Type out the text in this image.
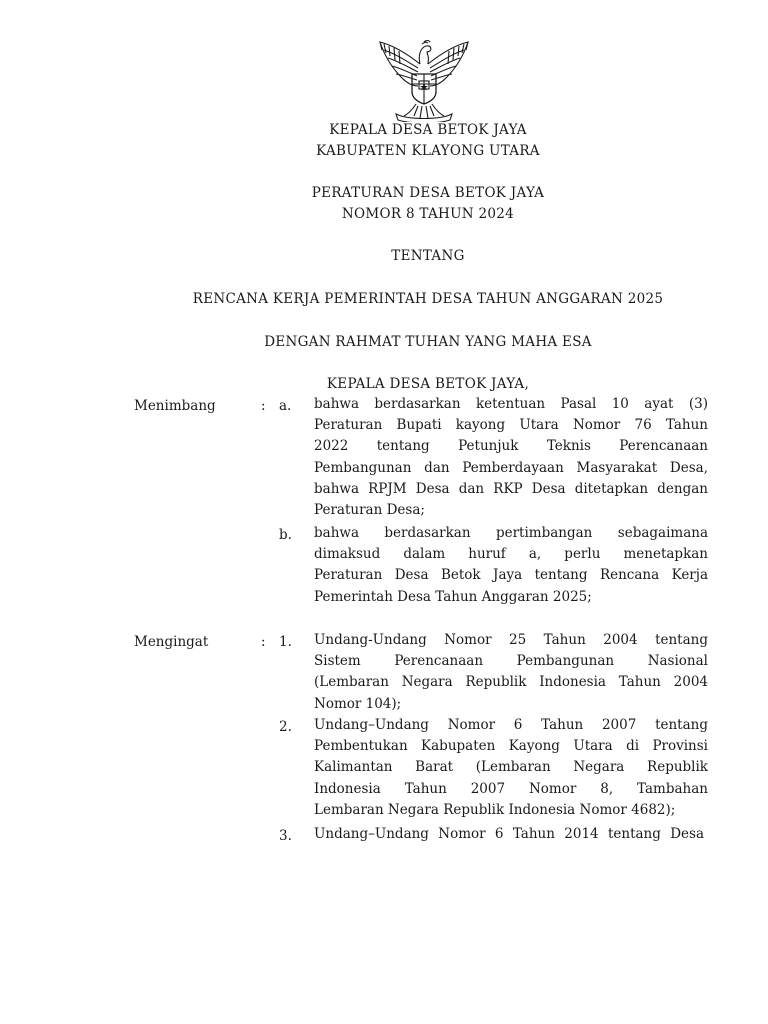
KEPALA DESA BETOK JAYA
KABUPATEN KLAYONG UTARA
PERATURAN DESA BETOK JAYA
NOMOR 8 TAHUN 2024
TENTANG
RENCANA KERJA PEMERINTAH DESA TAHUN ANGGARAN 2025
DENGAN RAHMAT TUHAN YANG MAHA ESA
KEPALA DESA BETOK JAYA,
Menimbang	: a. bahwa berdasarkan ketentuan Pasal 10 ayat (3)
Peraturan Bupati kayong Utara Nomor 76 Tahun
2022 tentang Petunjuk Teknis Perencanaan
Pembangunan dan Pemberdayaan Masyarakat Desa,
bahwa RPJM Desa dan RKP Desa ditetapkan dengan
Peraturan Desa;
b. bahwa berdasarkan pertimbangan sebagaimana
dimaksud dalam huruf a, perlu menetapkan
Peraturan Desa Betok Jaya tentang Rencana Kerja
Pemerintah Desa Tahun Anggaran 2025;
Mengingat	: 1. Undang-Undang Nomor 25 Tahun 2004 tentang
Sistem Perencanaan Pembangunan Nasional
(Lembaran Negara Republik Indonesia Tahun 2004
Nomor 104);
2. Undang–Undang Nomor 6 Tahun 2007 tentang
Pembentukan Kabupaten Kayong Utara di Provinsi
Kalimantan Barat (Lembaran Negara Republik
Indonesia Tahun 2007 Nomor 8, Tambahan
Lembaran Negara Republik Indonesia Nomor 4682);
3. Undang–Undang Nomor 6 Tahun 2014 tentang Desa
